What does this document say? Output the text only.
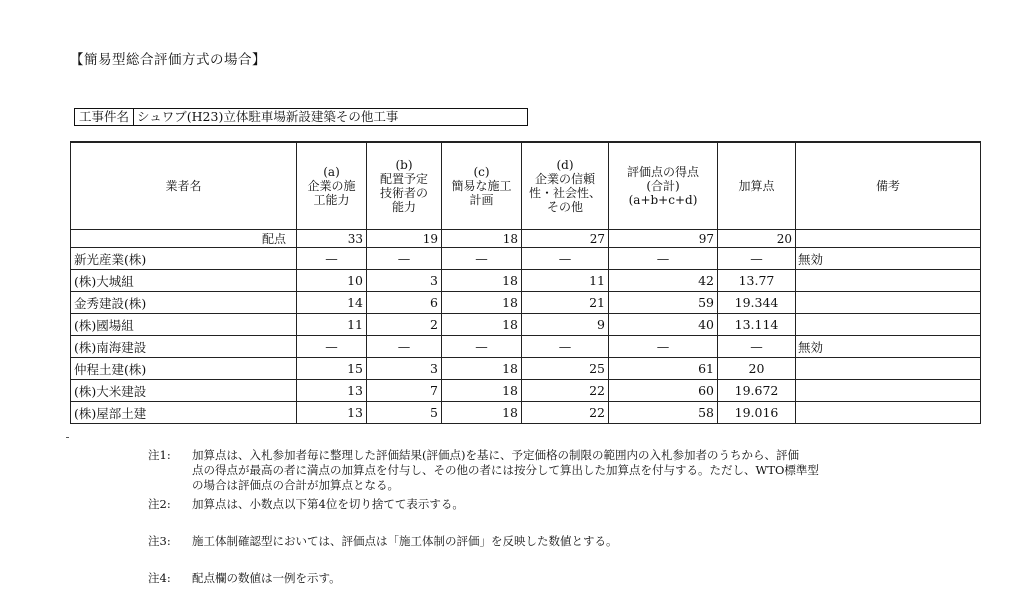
【簡易型総合評価方式の場合】
工事件名 シュワブ(H23)立体駐車場新設建築その他工事
業者名	(a)
企業の施
工能力	(b)
配置予定
技術者の
能力	(c)
簡易な施工
計画	(d)
企業の信頼
性・社会性、
その他	評価点の得点
(合計)
(a+b+c+d)	加算点	備考
配点	33	19	18	27	97	20	
新光産業(株)	—	—	—	—	—	—	無効
(株)大城組	10	3	18	11	42	13.77	
金秀建設(株)	14	6	18	21	59	19.344	
(株)國場組	11	2	18	9	40	13.114	
(株)南海建設	—	—	—	—	—	—	無効
仲程土建(株)	15	3	18	25	61	20	
(株)大米建設	13	7	18	22	60	19.672	
(株)屋部土建	13	5	18	22	58	19.016	
注1:	加算点は、入札参加者毎に整理した評価結果(評価点)を基に、予定価格の制限の範囲内の入札参加者のうちから、評価
点の得点が最高の者に満点の加算点を付与し、その他の者には按分して算出した加算点を付与する。ただし、WTO標準型
の場合は評価点の合計が加算点となる。
注2:	加算点は、小数点以下第4位を切り捨てて表示する。
注3:	施工体制確認型においては、評価点は「施工体制の評価」を反映した数値とする。
注4:	配点欄の数値は一例を示す。
